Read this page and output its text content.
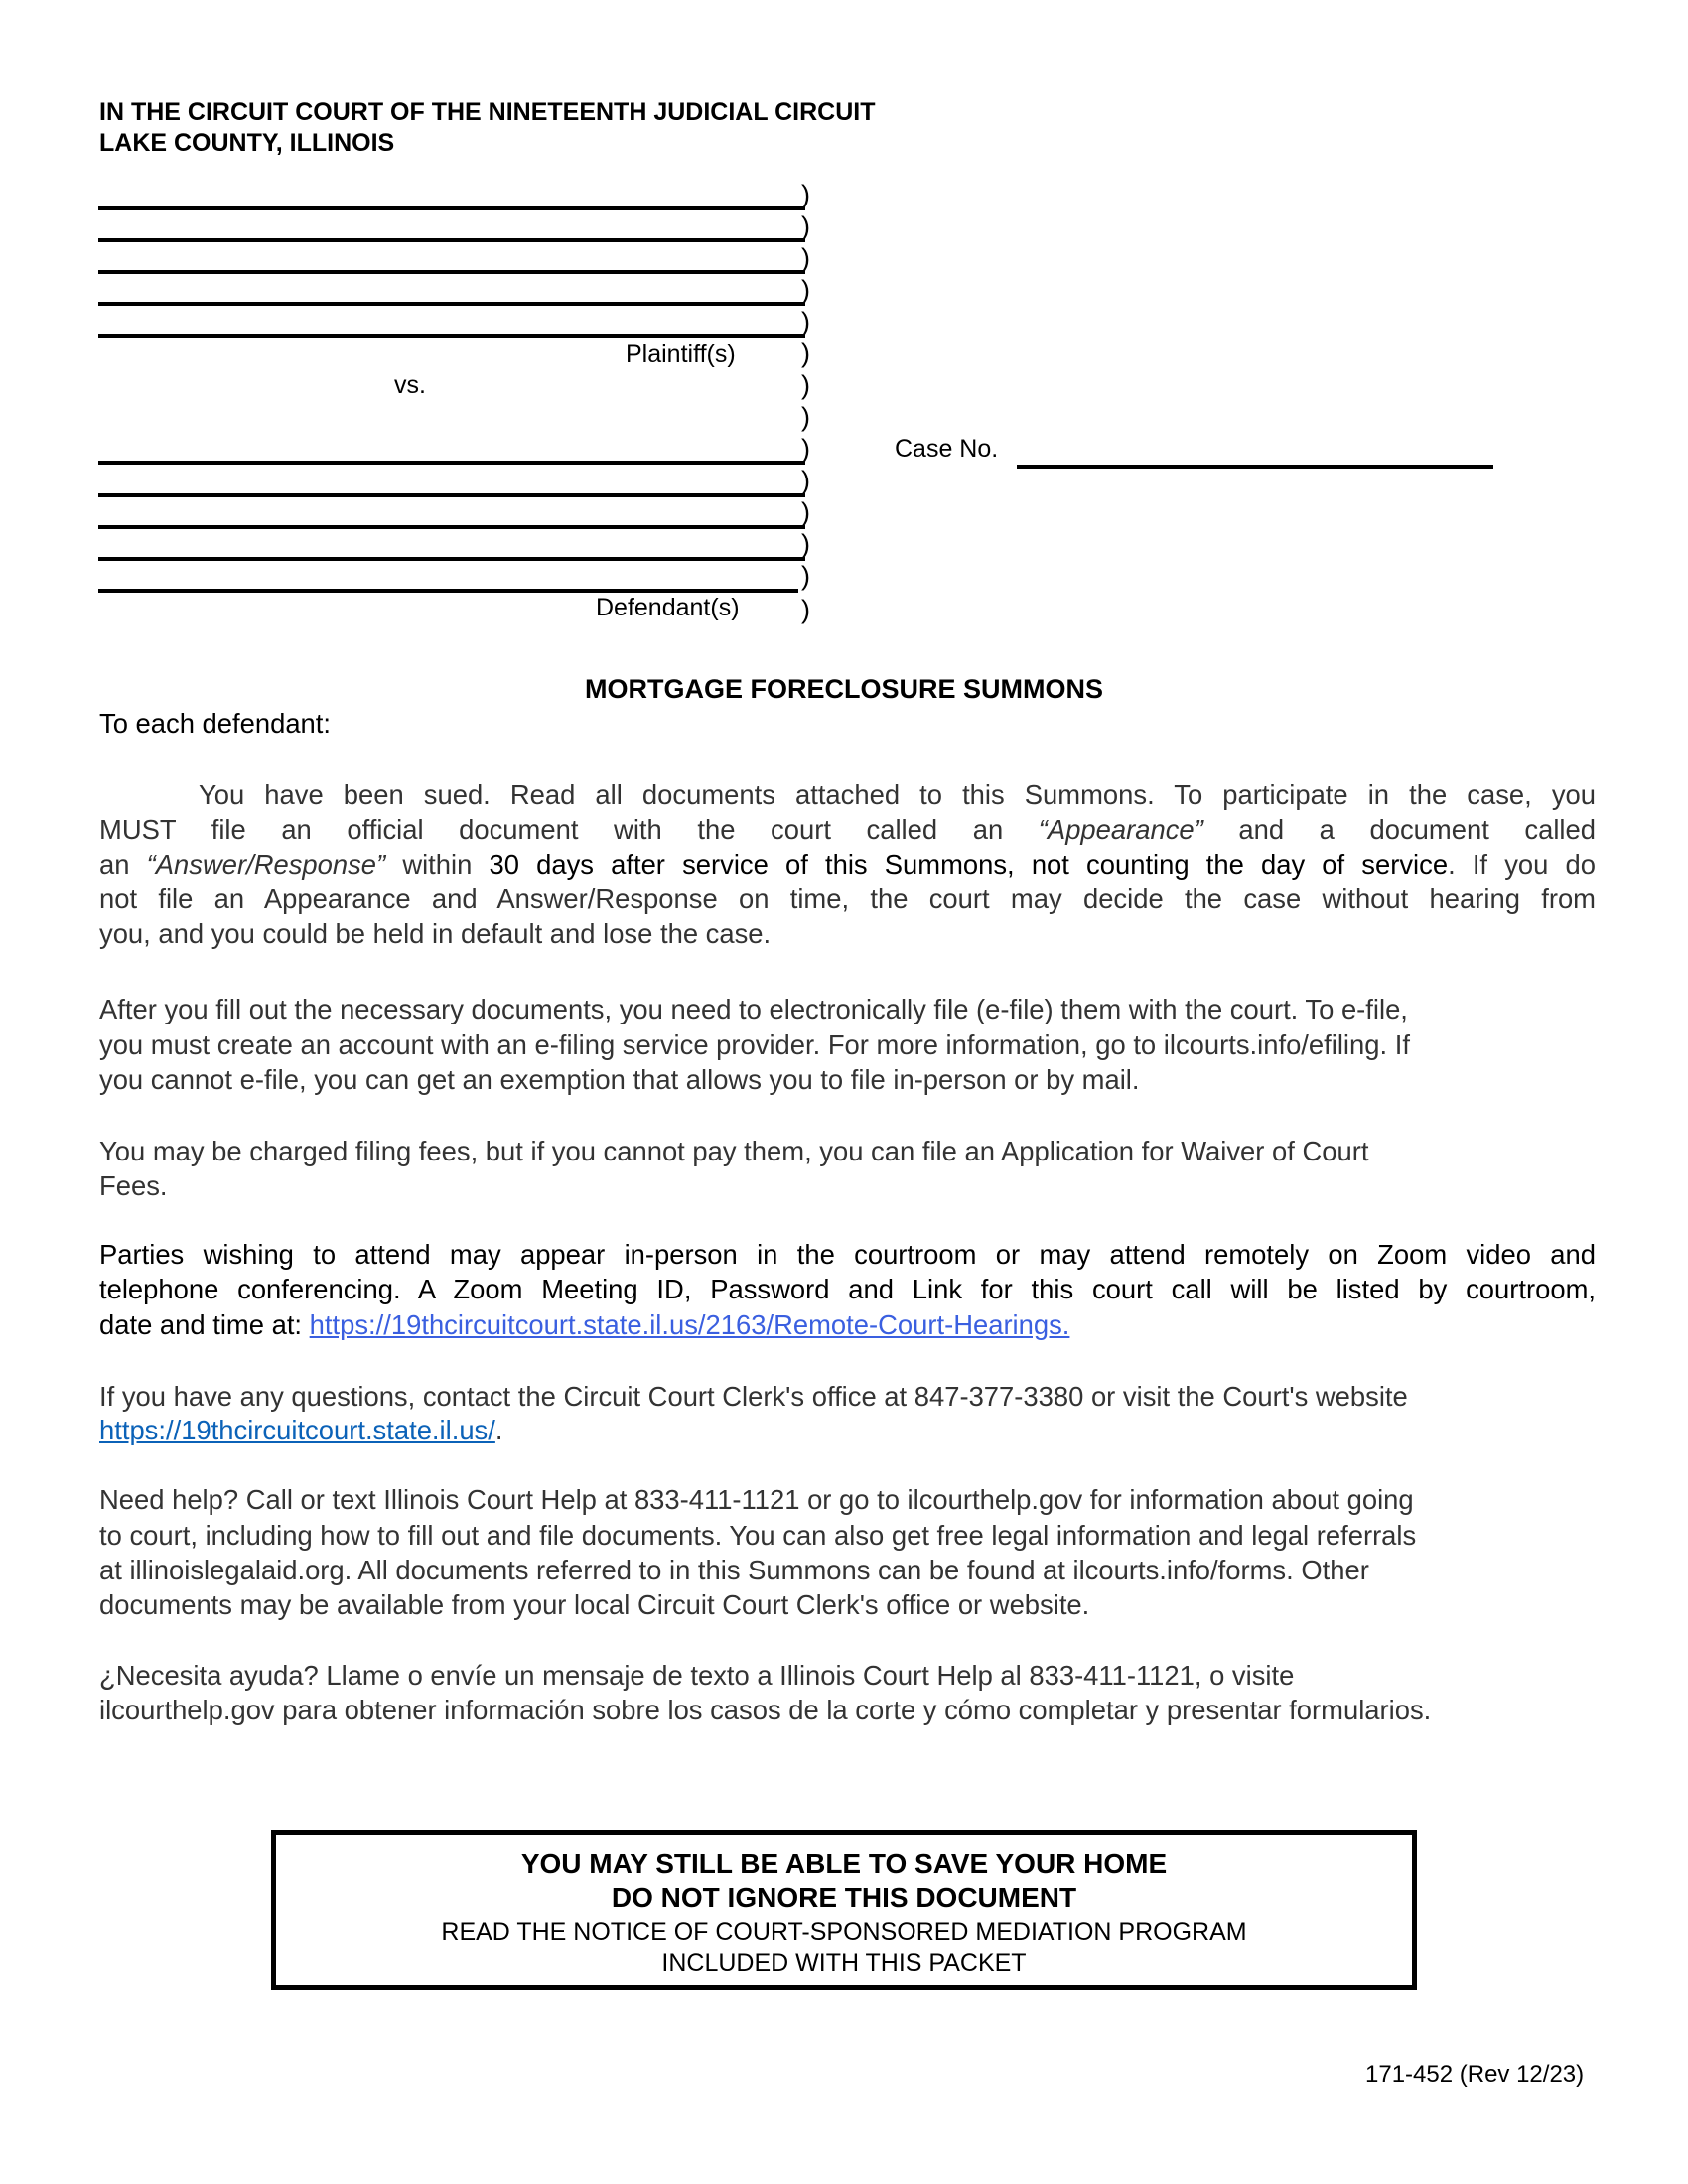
IN THE CIRCUIT COURT OF THE NINETEENTH JUDICIAL CIRCUIT
LAKE COUNTY, ILLINOIS
Plaintiff(s)
vs.
Defendant(s)
)
)
)
)
)
)
)
)
)
)
)
)
)
)
Case No.
MORTGAGE FORECLOSURE SUMMONS
To each defendant:
You have been sued. Read all documents attached to this Summons. To participate in the case, you
MUST file an official document with the court called an “Appearance” and a document called
an “Answer/Response” within 30 days after service of this Summons, not counting the day of service. If you do
not file an Appearance and Answer/Response on time, the court may decide the case without hearing from
you, and you could be held in default and lose the case.
After you fill out the necessary documents, you need to electronically file (e-file) them with the court. To e-file,
you must create an account with an e-filing service provider. For more information, go to ilcourts.info/efiling. If
you cannot e-file, you can get an exemption that allows you to file in-person or by mail.
You may be charged filing fees, but if you cannot pay them, you can file an Application for Waiver of Court
Fees.
Parties wishing to attend may appear in-person in the courtroom or may attend remotely on Zoom video and
telephone conferencing. A Zoom Meeting ID, Password and Link for this court call will be listed by courtroom,
date and time at: https://19thcircuitcourt.state.il.us/2163/Remote-Court-Hearings.
If you have any questions, contact the Circuit Court Clerk's office at 847-377-3380 or visit the Court's website
https://19thcircuitcourt.state.il.us/.
Need help? Call or text Illinois Court Help at 833-411-1121 or go to ilcourthelp.gov for information about going
to court, including how to fill out and file documents. You can also get free legal information and legal referrals
at illinoislegalaid.org. All documents referred to in this Summons can be found at ilcourts.info/forms. Other
documents may be available from your local Circuit Court Clerk's office or website.
¿Necesita ayuda? Llame o envíe un mensaje de texto a Illinois Court Help al 833-411-1121, o visite
ilcourthelp.gov para obtener información sobre los casos de la corte y cómo completar y presentar formularios.
YOU MAY STILL BE ABLE TO SAVE YOUR HOME
DO NOT IGNORE THIS DOCUMENT
READ THE NOTICE OF COURT-SPONSORED MEDIATION PROGRAM
INCLUDED WITH THIS PACKET
171-452 (Rev 12/23)
